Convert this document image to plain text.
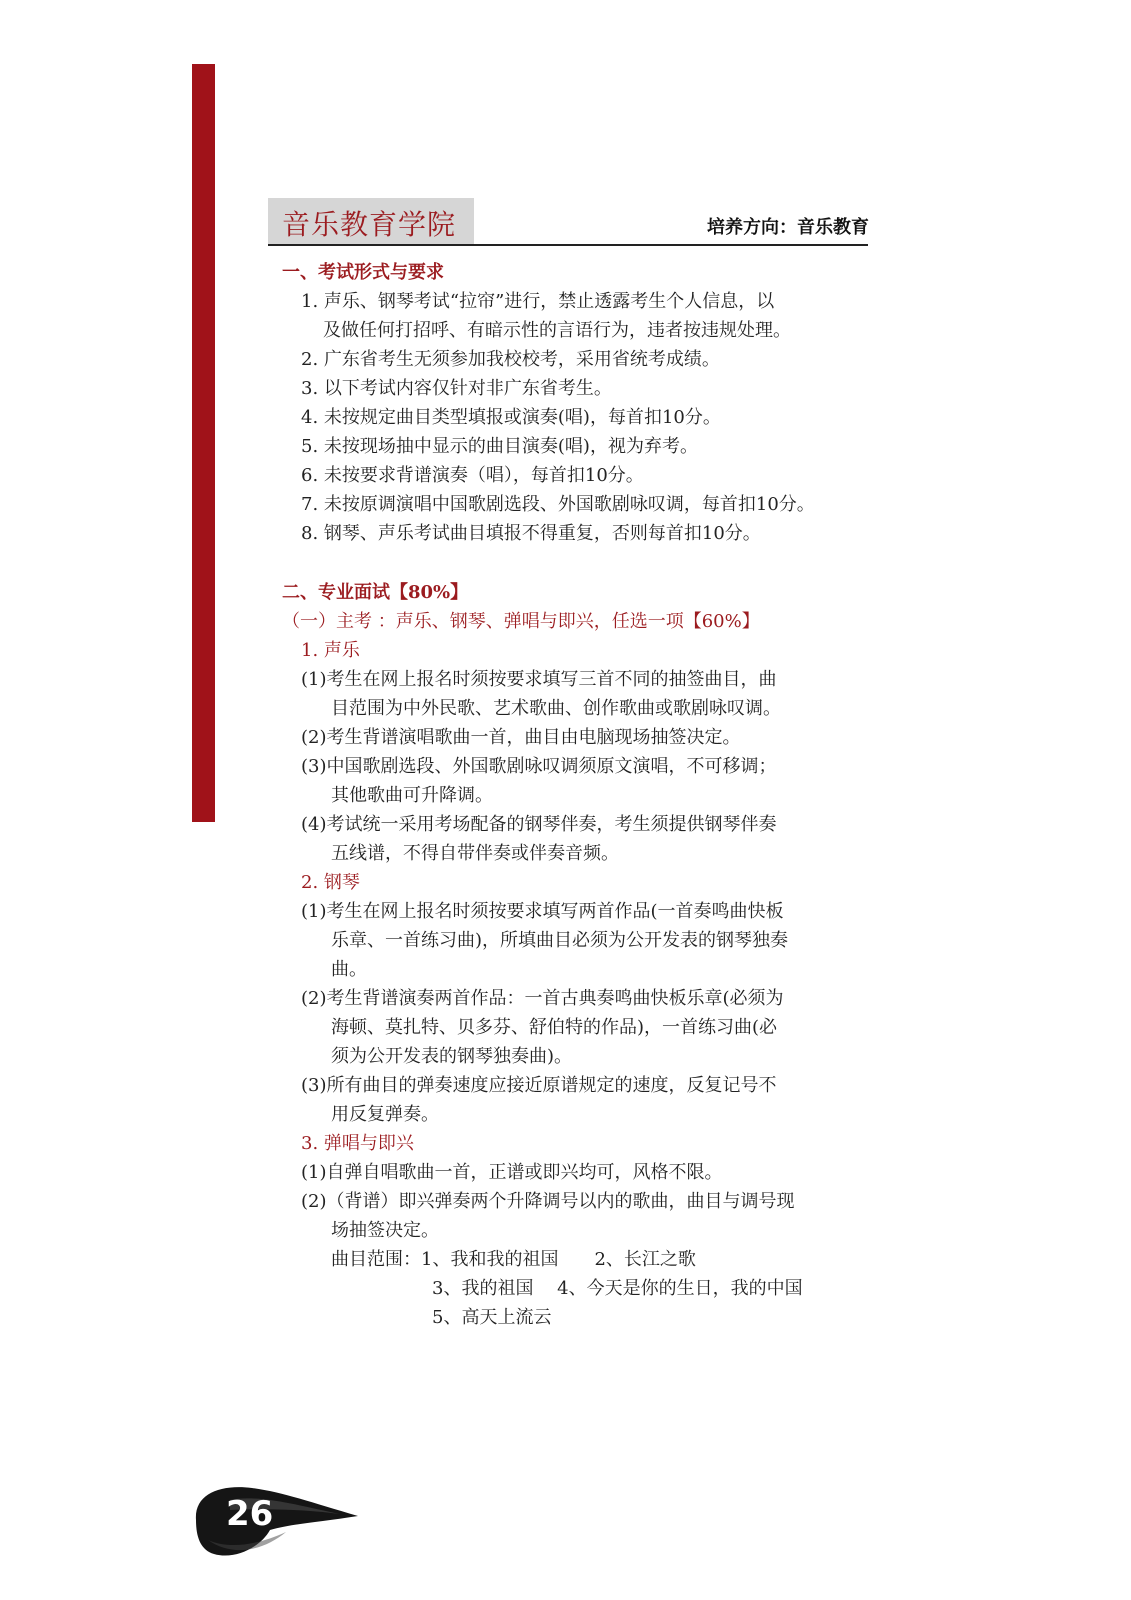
音乐教育学院	培养方向：音乐教育
一、考试形式与要求
1. 声乐、钢琴考试“拉帘”进行，禁止透露考生个人信息，以
及做任何打招呼、有暗示性的言语行为，违者按违规处理。
2. 广东省考生无须参加我校校考，采用省统考成绩。
3. 以下考试内容仅针对非广东省考生。
4. 未按规定曲目类型填报或演奏(唱)，每首扣10分。
5. 未按现场抽中显示的曲目演奏(唱)，视为弃考。
6. 未按要求背谱演奏（唱），每首扣10分。
7. 未按原调演唱中国歌剧选段、外国歌剧咏叹调，每首扣10分。
8. 钢琴、声乐考试曲目填报不得重复，否则每首扣10分。
二、专业面试【80%】
（一）主考 ：声乐、钢琴、弹唱与即兴，任选一项【60%】
1. 声乐
(1)考生在网上报名时须按要求填写三首不同的抽签曲目，曲
目范围为中外民歌、艺术歌曲、创作歌曲或歌剧咏叹调。
(2)考生背谱演唱歌曲一首，曲目由电脑现场抽签决定。
(3)中国歌剧选段、外国歌剧咏叹调须原文演唱，不可移调；
其他歌曲可升降调。
(4)考试统一采用考场配备的钢琴伴奏，考生须提供钢琴伴奏
五线谱，不得自带伴奏或伴奏音频。
2. 钢琴
(1)考生在网上报名时须按要求填写两首作品(一首奏鸣曲快板
乐章、一首练习曲)，所填曲目必须为公开发表的钢琴独奏
曲。
(2)考生背谱演奏两首作品：一首古典奏鸣曲快板乐章(必须为
海顿、莫扎特、贝多芬、舒伯特的作品)，一首练习曲(必
须为公开发表的钢琴独奏曲)。
(3)所有曲目的弹奏速度应接近原谱规定的速度，反复记号不
用反复弹奏。
3. 弹唱与即兴
(1)自弹自唱歌曲一首，正谱或即兴均可，风格不限。
(2)（背谱）即兴弹奏两个升降调号以内的歌曲，曲目与调号现
场抽签决定。
曲目范围：1、我和我的祖国　　2、长江之歌
3、我的祖国　 4、今天是你的生日，我的中国
5、高天上流云
26
